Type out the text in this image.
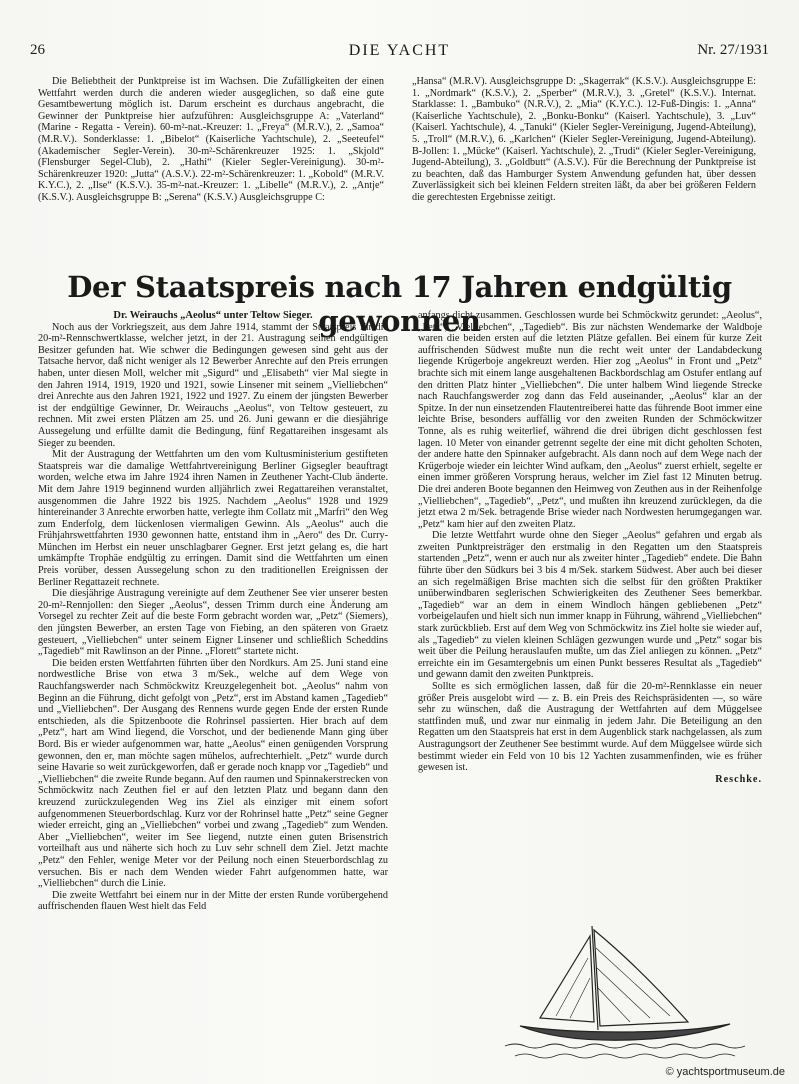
26	DIE YACHT	Nr. 27/1931

Die Beliebtheit der Punktpreise ist im Wachsen. Die Zufälligkeiten der einen Wettfahrt werden durch die anderen wieder ausgeglichen, so daß eine gute Gesamtbewertung möglich ist. Darum erscheint es durchaus angebracht, die Gewinner der Punktpreise hier aufzuführen: Ausgleichsgruppe A: „Vaterland“ (Marine - Regatta - Verein). 60-m²-nat.-Kreuzer: 1. „Freya“ (M.R.V.), 2. „Samoa“ (M.R.V.). Sonderklasse: 1. „Bibelot“ (Kaiserliche Yachtschule), 2. „Seeteufel“ (Akademischer Segler-Verein). 30-m²-Schärenkreuzer 1925: 1. „Skjold“ (Flensburger Segel-Club), 2. „Hathi“ (Kieler Segler-Vereinigung). 30-m²-Schärenkreuzer 1920: „Jutta“ (A.S.V.). 22-m²-Schärenkreuzer: 1. „Kobold“ (M.R.V. K.Y.C.), 2. „Ilse“ (K.S.V.). 35-m²-nat.-Kreuzer: 1. „Libelle“ (M.R.V.), 2. „Antje“ (K.S.V.). Ausgleichsgruppe B: „Serena“ (K.S.V.) Ausgleichsgruppe C:

„Hansa“ (M.R.V). Ausgleichsgruppe D: „Skagerrak“ (K.S.V.). Ausgleichsgruppe E: 1. „Nordmark“ (K.S.V.), 2. „Sperber“ (M.R.V.), 3. „Gretel“ (K.S.V.). Internat. Starklasse: 1. „Bambuko“ (N.R.V.), 2. „Mia“ (K.Y.C.). 12-Fuß-Dingis: 1. „Anna“ (Kaiserliche Yachtschule), 2. „Bonku-Bonku“ (Kaiserl. Yachtschule), 3. „Luv“ (Kaiserl. Yachtschule), 4. „Tanuki“ (Kieler Segler-Vereinigung, Jugend-Abteilung), 5. „Troll“ (M.R.V.), 6. „Karlchen“ (Kieler Segler-Vereinigung, Jugend-Abteilung). B-Jollen: 1. „Mücke“ (Kaiserl. Yachtschule), 2. „Trudi“ (Kieler Segler-Vereinigung, Jugend-Abteilung), 3. „Goldbutt“ (A.S.V.). Für die Berechnung der Punktpreise ist zu beachten, daß das Hamburger System Anwendung gefunden hat, über dessen Zuverlässigkeit sich bei kleinen Feldern streiten läßt, da aber bei größeren Feldern die gerechtesten Ergebnisse zeitigt.

Der Staatspreis nach 17 Jahren endgültig gewonnen

Dr. Weirauchs „Aeolus“ unter Teltow Sieger.

Noch aus der Vorkriegszeit, aus dem Jahre 1914, stammt der Staatspreis für die 20-m²-Rennschwertklasse, welcher jetzt, in der 21. Austragung seinen endgültigen Besitzer gefunden hat. Wie schwer die Bedingungen gewesen sind geht aus der Tatsache hervor, daß nicht weniger als 12 Bewerber Anrechte auf den Preis errungen haben, unter diesen Moll, welcher mit „Sigurd“ und „Elisabeth“ vier Mal siegte in den Jahren 1914, 1919, 1920 und 1921, sowie Linsener mit seinem „Vielliebchen“ drei Anrechte aus den Jahren 1921, 1922 und 1927. Zu einem der jüngsten Bewerber ist der endgültige Gewinner, Dr. Weirauchs „Aeolus“, von Teltow gesteuert, zu rechnen. Mit zwei ersten Plätzen am 25. und 26. Juni gewann er die diesjährige Aussegelung und erfüllte damit die Bedingung, fünf Regattareihen insgesamt als Sieger zu beenden.

Mit der Austragung der Wettfahrten um den vom Kultusministerium gestifteten Staatspreis war die damalige Wettfahrtvereinigung Berliner Gigsegler beauftragt worden, welche etwa im Jahre 1924 ihren Namen in Zeuthener Yacht-Club änderte. Mit dem Jahre 1919 beginnend wurden alljährlich zwei Regattareihen veranstaltet, ausgenommen die Jahre 1922 bis 1925. Nachdem „Aeolus“ 1928 und 1929 hintereinander 3 Anrechte erworben hatte, verlegte ihm Collatz mit „Marfri“ den Weg zum Enderfolg, dem lückenlosen viermaligen Gewinn. Als „Aeolus“ auch die Frühjahrswettfahrten 1930 gewonnen hatte, entstand ihm in „Aero“ des Dr. Curry-München im Herbst ein neuer unschlagbarer Gegner. Erst jetzt gelang es, die hart umkämpfte Trophäe endgültig zu erringen. Damit sind die Wettfahrten um einen Preis vorüber, dessen Aussegelung schon zu den traditionellen Ereignissen der Berliner Regattazeit rechnete.

Die diesjährige Austragung vereinigte auf dem Zeuthener See vier unserer besten 20-m²-Rennjollen: den Sieger „Aeolus“, dessen Trimm durch eine Änderung am Vorsegel zu rechter Zeit auf die beste Form gebracht worden war, „Petz“ (Siemers), den jüngsten Bewerber, an ersten Tage von Fiebing, an den späteren von Graetz gesteuert, „Vielliebchen“ unter seinem Eigner Linsener und schließlich Scheddins „Tagedieb“ mit Rawlinson an der Pinne. „Florett“ startete nicht.

Die beiden ersten Wettfahrten führten über den Nordkurs. Am 25. Juni stand eine nordwestliche Brise von etwa 3 m/Sek., welche auf dem Wege von Rauchfangswerder nach Schmöckwitz Kreuzgelegenheit bot. „Aeolus“ nahm von Beginn an die Führung, dicht gefolgt von „Petz“, erst im Abstand kamen „Tagedieb“ und „Vielliebchen“. Der Ausgang des Rennens wurde gegen Ende der ersten Runde entschieden, als die Spitzenboote die Rohrinsel passierten. Hier brach auf dem „Petz“, hart am Wind liegend, die Vorschot, und der bedienende Mann ging über Bord. Bis er wieder aufgenommen war, hatte „Aeolus“ einen genügenden Vorsprung gewonnen, den er, man möchte sagen mühelos, aufrechterhielt. „Petz“ wurde durch seine Havarie so weit zurückgeworfen, daß er gerade noch knapp vor „Tagedieb“ und „Vielliebchen“ die zweite Runde begann. Auf den raumen und Spinnakerstrecken von Schmöckwitz nach Zeuthen fiel er auf den letzten Platz und begann dann den kreuzend zurückzulegenden Weg ins Ziel als einziger mit einem sofort aufgenommenen Steuerbordschlag. Kurz vor der Rohrinsel hatte „Petz“ seine Gegner wieder erreicht, ging an „Vielliebchen“ vorbei und zwang „Tagedieb“ zum Wenden. Aber „Vielliebchen“, weiter im See liegend, nutzte einen guten Brisenstrich vorteilhaft aus und näherte sich hoch zu Luv sehr schnell dem Ziel. Jetzt machte „Petz“ den Fehler, wenige Meter vor der Peilung noch einen Steuerbordschlag zu versuchen. Bis er nach dem Wenden wieder Fahrt aufgenommen hatte, war „Vielliebchen“ durch die Linie.

Die zweite Wettfahrt bei einem nur in der Mitte der ersten Runde vorübergehend auffrischenden flauen West hielt das Feld

anfangs dicht zusammen. Geschlossen wurde bei Schmöckwitz gerundet: „Aeolus“, „Petz“, „Vielliebchen“, „Tagedieb“. Bis zur nächsten Wendemarke der Waldboje waren die beiden ersten auf die letzten Plätze gefallen. Bei einem für kurze Zeit auffrischenden Südwest mußte nun die recht weit unter der Landabdeckung liegende Krügerboje angekreuzt werden. Hier zog „Aeolus“ in Front und „Petz“ brachte sich mit einem lange ausgehaltenen Backbordschlag am Ostufer entlang auf den dritten Platz hinter „Vielliebchen“. Die unter halbem Wind liegende Strecke nach Rauchfangswerder zog dann das Feld auseinander, „Aeolus“ klar an der Spitze. In der nun einsetzenden Flautentreiberei hatte das führende Boot immer eine leichte Brise, besonders auffällig vor den zweiten Runden der Schmöckwitzer Tonne, als es ruhig weiterlief, während die drei übrigen dicht geschlossen fest lagen. 10 Meter von einander getrennt segelte der eine mit dicht geholten Schoten, der andere hatte den Spinnaker aufgebracht. Als dann noch auf dem Wege nach der Krügerboje wieder ein leichter Wind aufkam, den „Aeolus“ zuerst erhielt, segelte er einen immer größeren Vorsprung heraus, welcher im Ziel fast 12 Minuten betrug. Die drei anderen Boote begannen den Heimweg von Zeuthen aus in der Reihenfolge „Vielliebchen“, „Tagedieb“, „Petz“, und mußten ihn kreuzend zurücklegen, da die jetzt etwa 2 m/Sek. betragende Brise wieder nach Nordwesten herumgegangen war. „Petz“ kam hier auf den zweiten Platz.

Die letzte Wettfahrt wurde ohne den Sieger „Aeolus“ gefahren und ergab als zweiten Punktpreisträger den erstmalig in den Regatten um den Staatspreis startenden „Petz“, wenn er auch nur als zweiter hinter „Tagedieb“ endete. Die Bahn führte über den Südkurs bei 3 bis 4 m/Sek. starkem Südwest. Aber auch bei dieser an sich regelmäßigen Brise machten sich die selbst für den größten Praktiker unüberwindbaren seglerischen Schwierigkeiten des Zeuthener Sees bemerkbar. „Tagedieb“ war an dem in einem Windloch hängen gebliebenen „Petz“ vorbeigelaufen und hielt sich nun immer knapp in Führung, während „Vielliebchen“ stark zurückblieb. Erst auf dem Weg von Schmöckwitz ins Ziel holte sie wieder auf, als „Tagedieb“ zu vielen kleinen Schlägen gezwungen wurde und „Petz“ sogar bis weit über die Peilung herauslaufen mußte, um das Ziel anliegen zu können. „Petz“ erreichte ein im Gesamtergebnis um einen Punkt besseres Resultat als „Tagedieb“ und gewann damit den zweiten Punktpreis.

Sollte es sich ermöglichen lassen, daß für die 20-m²-Rennklasse ein neuer größer Preis ausgelobt wird — z. B. ein Preis des Reichspräsidenten —, so wäre sehr zu wünschen, daß die Austragung der Wettfahrten auf dem Müggelsee stattfinden muß, und zwar nur einmalig in jedem Jahr. Die Beteiligung an den Regatten um den Staatspreis hat erst in dem Augenblick stark nachgelassen, als zum Austragungsort der Zeuthener See bestimmt wurde. Auf dem Müggelsee würde sich bestimmt wieder ein Feld von 10 bis 12 Yachten zusammenfinden, wie es früher gewesen ist.

Reschke.

© yachtsportmuseum.de
